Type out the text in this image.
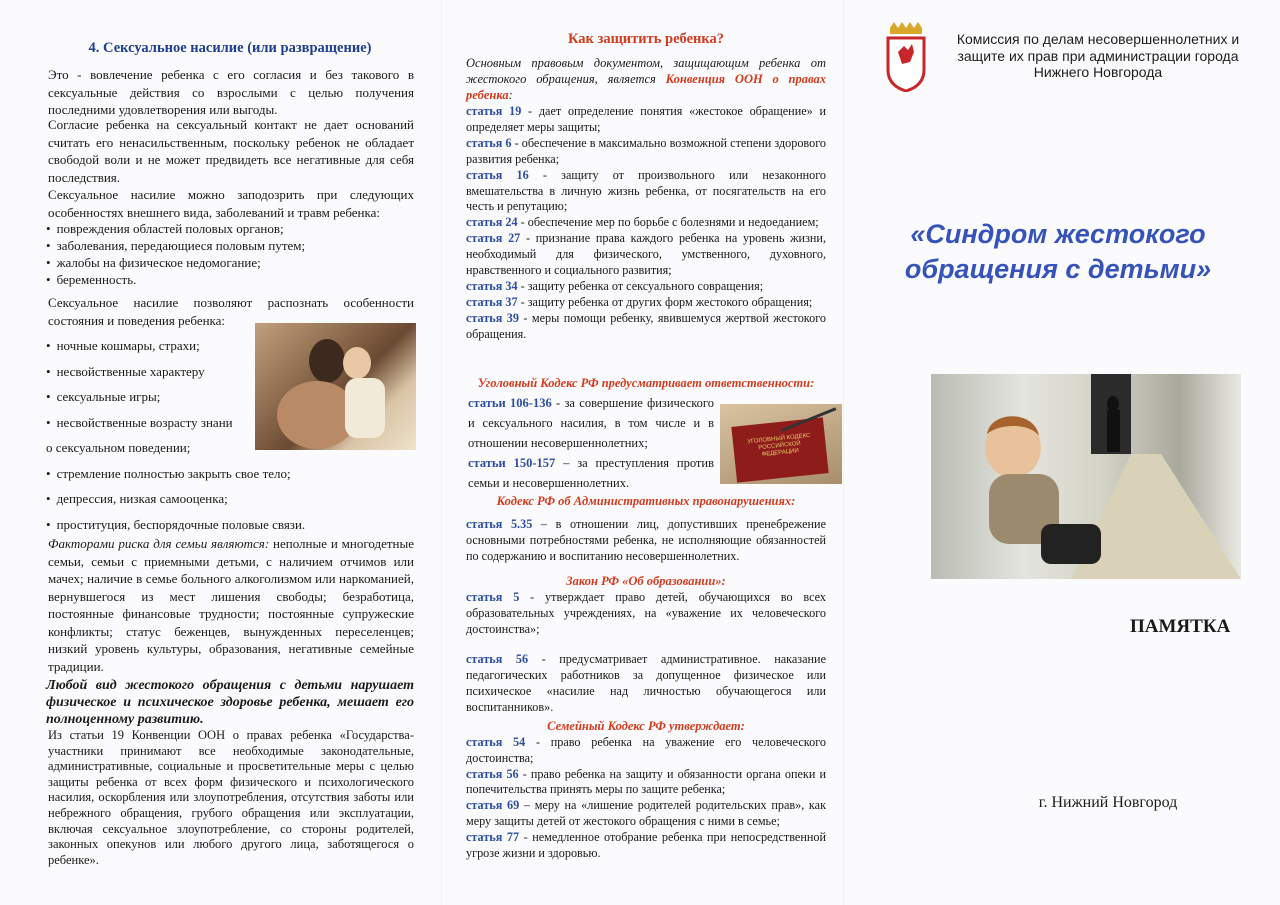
4. Сексуальное насилие (или развращение)

Это - вовлечение ребенка с его согласия и без такового в сексуальные действия со взрослыми с целью получения последними удовлетворения или выгоды.

Согласие ребенка на сексуальный контакт не дает оснований считать его ненасильственным, поскольку ребенок не обладает свободой воли и не может предвидеть все негативные для себя последствия.

Сексуальное насилие можно заподозрить при следующих особенностях внешнего вида, заболеваний и травм ребенка:

• повреждения областей половых органов;
• заболевания, передающиеся половым путем;
• жалобы на физическое недомогание;
• беременность.

Сексуальное насилие позволяют распознать особенности состояния и поведения ребенка:

• ночные кошмары, страхи;
• несвойственные характеру
• сексуальные игры;
• несвойственные возрасту знани
о сексуальном поведении;
• стремление полностью закрыть свое тело;
• депрессия, низкая самооценка;
• проституция, беспорядочные половые связи.

Факторами риска для семьи являются: неполные и многодетные семьи, семьи с приемными детьми, с наличием отчимов или мачех; наличие в семье больного алкоголизмом или наркоманией, вернувшегося из мест лишения свободы; безработица, постоянные финансовые трудности; постоянные супружеские конфликты; статус беженцев, вынужденных переселенцев; низкий уровень культуры, образования, негативные семейные традиции.

Любой вид жестокого обращения с детьми нарушает физическое и психическое здоровье ребенка, мешает его полноценному развитию.

Из статьи 19 Конвенции ООН о правах ребенка «Государства-участники принимают все необходимые законодательные, административные, социальные и просветительные меры с целью защиты ребенка от всех форм физического и психологического насилия, оскорбления или злоупотребления, отсутствия заботы или небрежного обращения, грубого обращения или эксплуатации, включая сексуальное злоупотребление, со стороны родителей, законных опекунов или любого другого лица, заботящегося о ребенке».

Как защитить ребенка?

Основным правовым документом, защищающим ребенка от жестокого обращения, является Конвенция ООН о правах ребенка:

статья 19 - дает определение понятия «жестокое обращение» и определяет меры защиты;

статья 6 - обеспечение в максимально возможной степени здорового развития ребенка;

статья 16 - защиту от произвольного или незаконного вмешательства в личную жизнь ребенка, от посягательств на его честь и репутацию;

статья 24 - обеспечение мер по борьбе с болезнями и недоеданием;

статья 27 - признание права каждого ребенка на уровень жизни, необходимый для физического, умственного, духовного, нравственного и социального развития;

статья 34 - защиту ребенка от сексуального совращения;

статья 37 - защиту ребенка от других форм жестокого обращения;

статья 39 - меры помощи ребенку, явившемуся жертвой жестокого обращения.

Уголовный Кодекс РФ предусматривает ответственности:

статьи 106-136 - за совершение физического и сексуального насилия, в том числе и в отношении несовершеннолетних;

статьи 150-157 – за преступления против семьи и несовершеннолетних.

УГОЛОВНЫЙ КОДЕКС РОССИЙСКОЙ ФЕДЕРАЦИИ

Кодекс РФ об Административных правонарушениях:

статья 5.35 – в отношении лиц, допустивших пренебрежение основными потребностями ребенка, не исполняющие обязанностей по содержанию и воспитанию несовершеннолетних.

Закон РФ «Об образовании»:

статья 5 - утверждает право детей, обучающихся во всех образовательных учреждениях, на «уважение их человеческого достоинства»;

статья 56 - предусматривает административное. наказание педагогических работников за допущенное физическое или психическое «насилие над личностью обучающегося или воспитанников».

Семейный Кодекс РФ утверждает:

статья 54 - право ребенка на уважение его человеческого достоинства;

статья 56 - право ребенка на защиту и обязанности органа опеки и попечительства принять меры по защите ребенка;

статья 69 – меру на «лишение родителей родительских прав», как меру защиты детей от жестокого обращения с ними в семье;

статья 77 - немедленное отобрание ребенка при непосредственной угрозе жизни и здоровью.

Комиссия по делам несовершеннолетних и защите их прав при администрации города Нижнего Новгорода

«Синдром жестокого обращения с детьми»

ПАМЯТКА

г. Нижний Новгород
